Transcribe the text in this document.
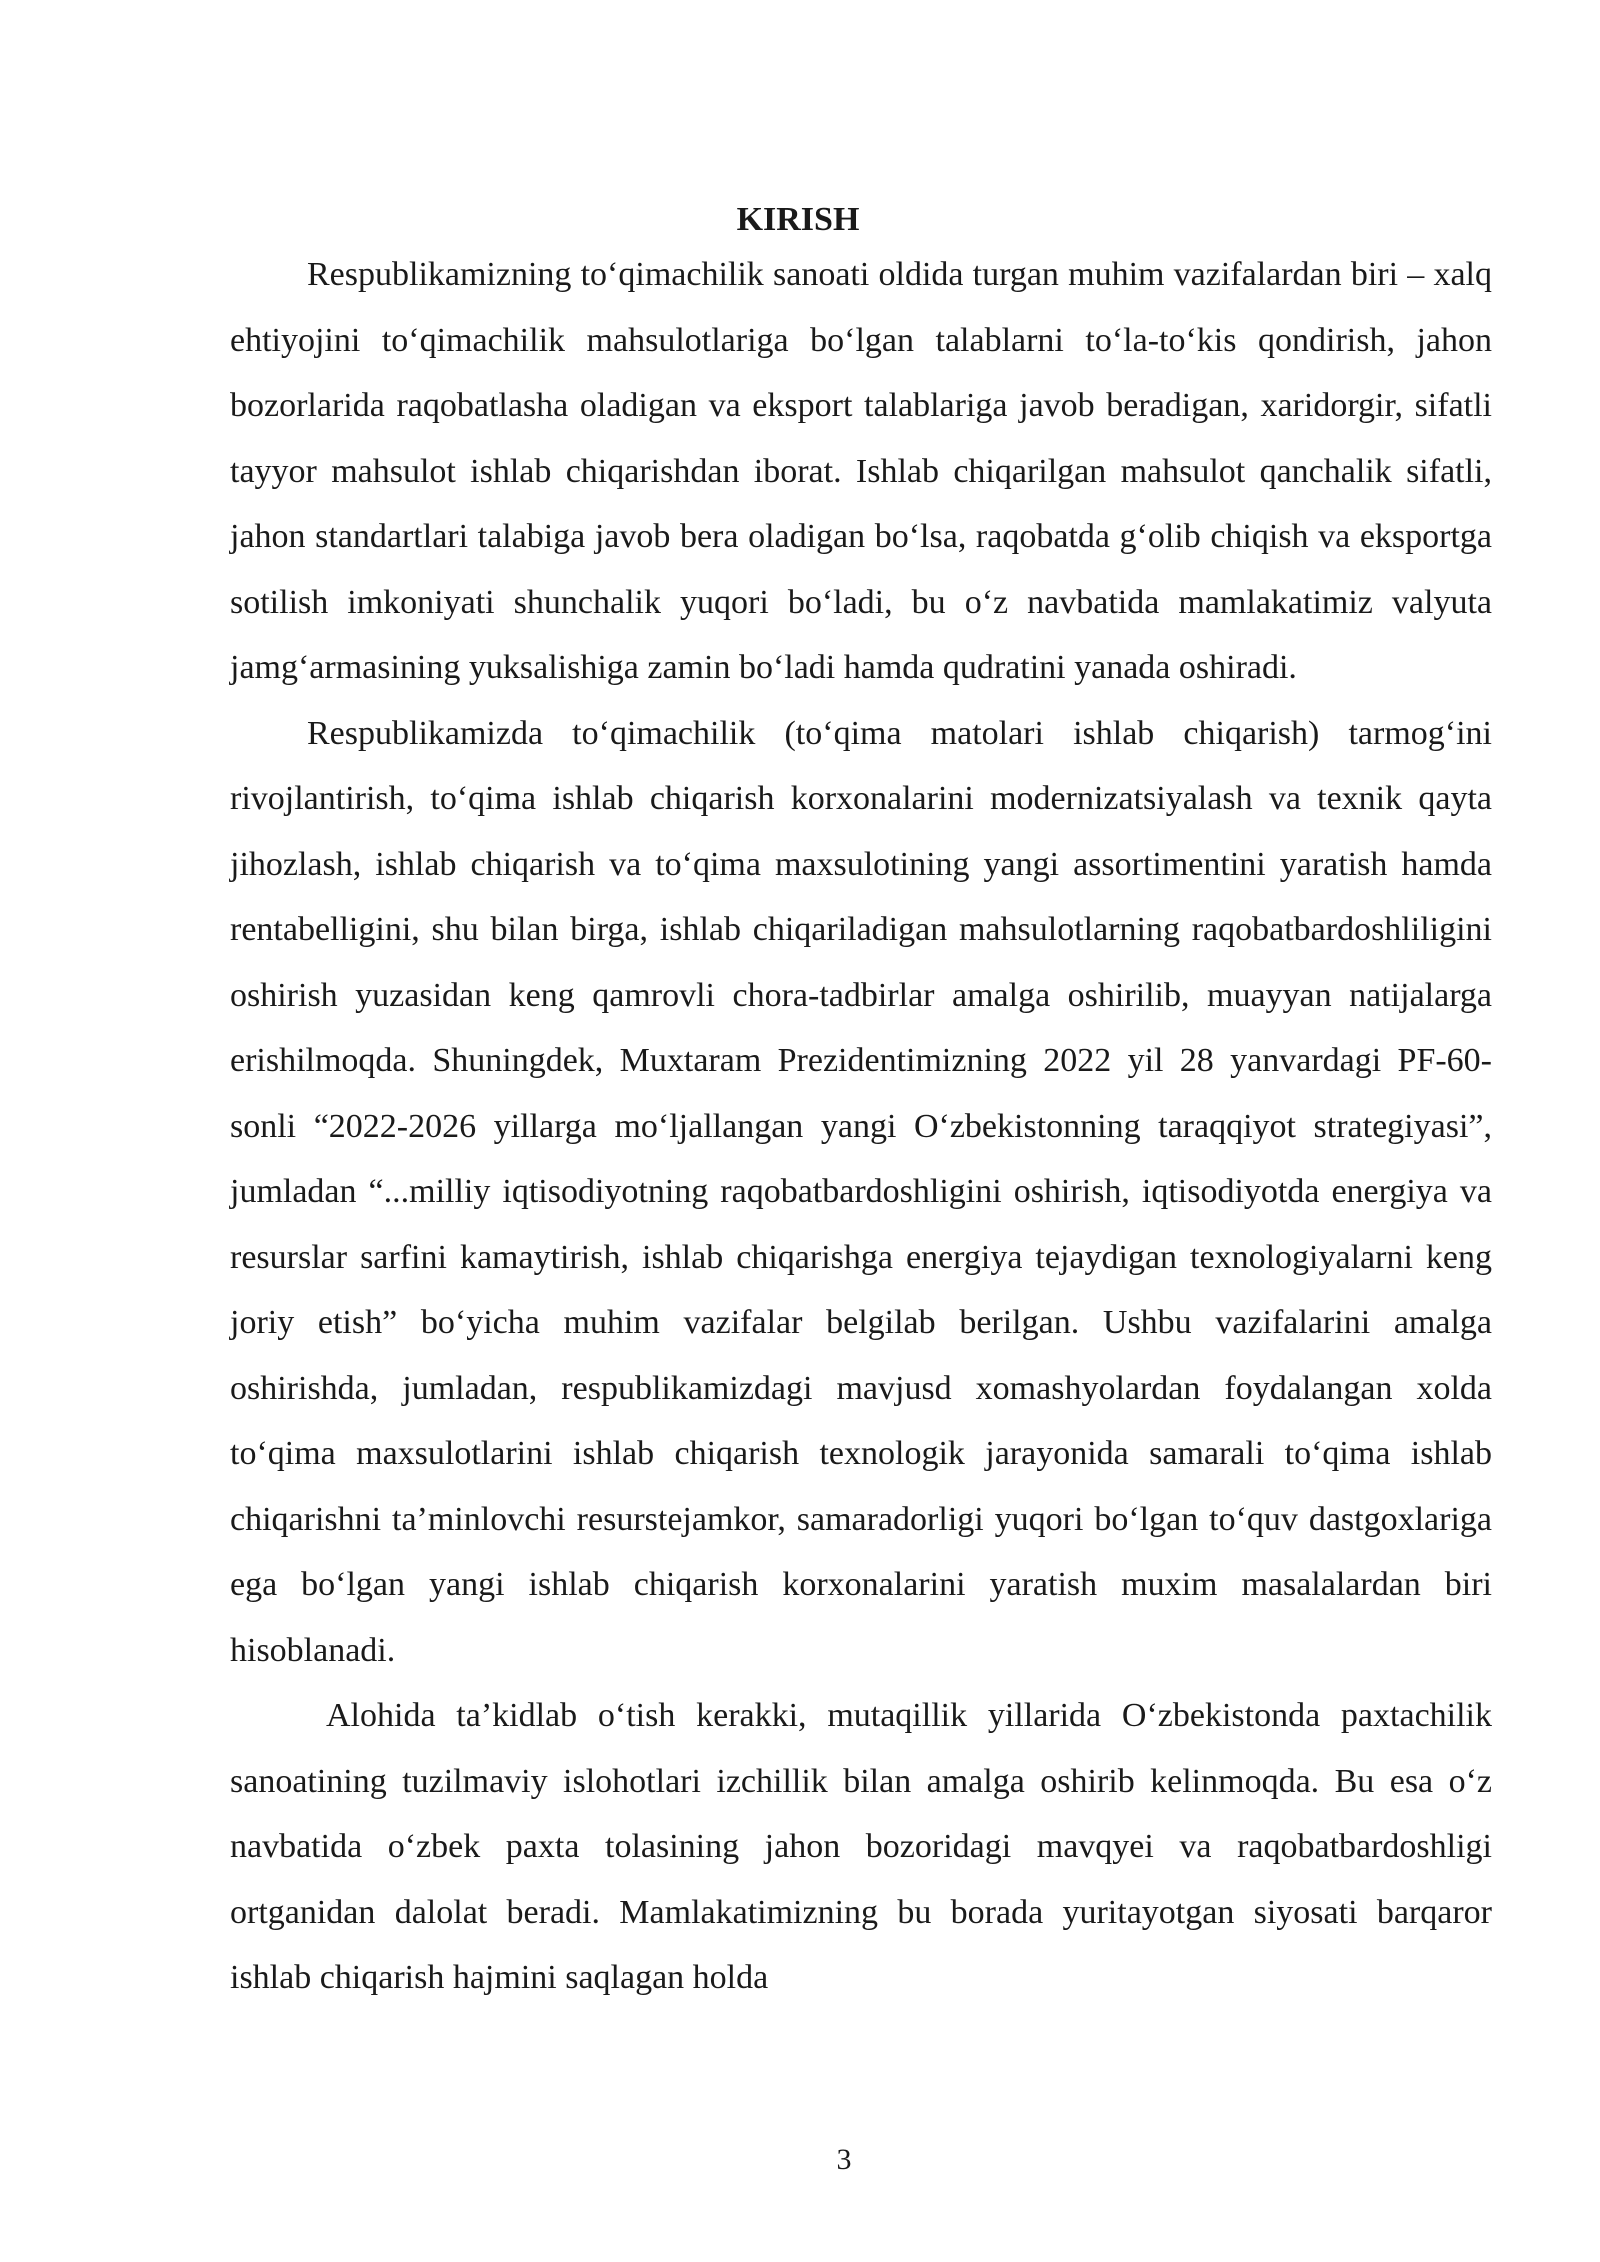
KIRISH

Respublikamizning to‘qimachilik sanoati oldida turgan muhim vazifalardan biri – xalq ehtiyojini to‘qimachilik mahsulotlariga bo‘lgan talablarni to‘la-to‘kis qondirish, jahon bozorlarida raqobatlasha oladigan va eksport talablariga javob beradigan, xaridorgir, sifatli tayyor mahsulot ishlab chiqarishdan iborat. Ishlab chiqarilgan mahsulot qanchalik sifatli, jahon standartlari talabiga javob bera oladigan bo‘lsa, raqobatda g‘olib chiqish va eksportga sotilish imkoniyati shunchalik yuqori bo‘ladi, bu o‘z navbatida mamlakatimiz valyuta jamg‘armasining yuksalishiga zamin bo‘ladi hamda qudratini yanada oshiradi.

Respublikamizda to‘qimachilik (to‘qima matolari ishlab chiqarish) tarmog‘ini rivojlantirish, to‘qima ishlab chiqarish korxonalarini modernizatsiyalash va texnik qayta jihozlash, ishlab chiqarish va to‘qima maxsulotining yangi assortimentini yaratish hamda rentabelligini, shu bilan birga, ishlab chiqariladigan mahsulotlarning raqobatbardoshliligini oshirish yuzasidan keng qamrovli chora-tadbirlar amalga oshirilib, muayyan natijalarga erishilmoqda. Shuningdek, Muxtaram Prezidentimizning 2022 yil 28 yanvardagi PF-60-sonli “2022-2026 yillarga mo‘ljallangan yangi O‘zbekistonning taraqqiyot strategiyasi”, jumladan “...milliy iqtisodiyotning raqobatbardoshligini oshirish, iqtisodiyotda energiya va resurslar sarfini kamaytirish, ishlab chiqarishga energiya tejaydigan texnologiyalarni keng joriy etish” bo‘yicha muhim vazifalar belgilab berilgan. Ushbu vazifalarini amalga oshirishda, jumladan, respublikamizdagi mavjusd xomashyolardan foydalangan xolda to‘qima maxsulotlarini ishlab chiqarish texnologik jarayonida samarali to‘qima ishlab chiqarishni ta’minlovchi resurstejamkor, samaradorligi yuqori bo‘lgan to‘quv dastgoxlariga ega bo‘lgan yangi ishlab chiqarish korxonalarini yaratish muxim masalalardan biri hisoblanadi.

Alohida ta’kidlab o‘tish kerakki, mutaqillik yillarida O‘zbekistonda paxtachilik sanoatining tuzilmaviy islohotlari izchillik bilan amalga oshirib kelinmoqda. Bu esa o‘z navbatida o‘zbek paxta tolasining jahon bozoridagi mavqyei va raqobatbardoshligi ortganidan dalolat beradi. Mamlakatimizning bu borada yuritayotgan siyosati barqaror ishlab chiqarish hajmini saqlagan holda

3
